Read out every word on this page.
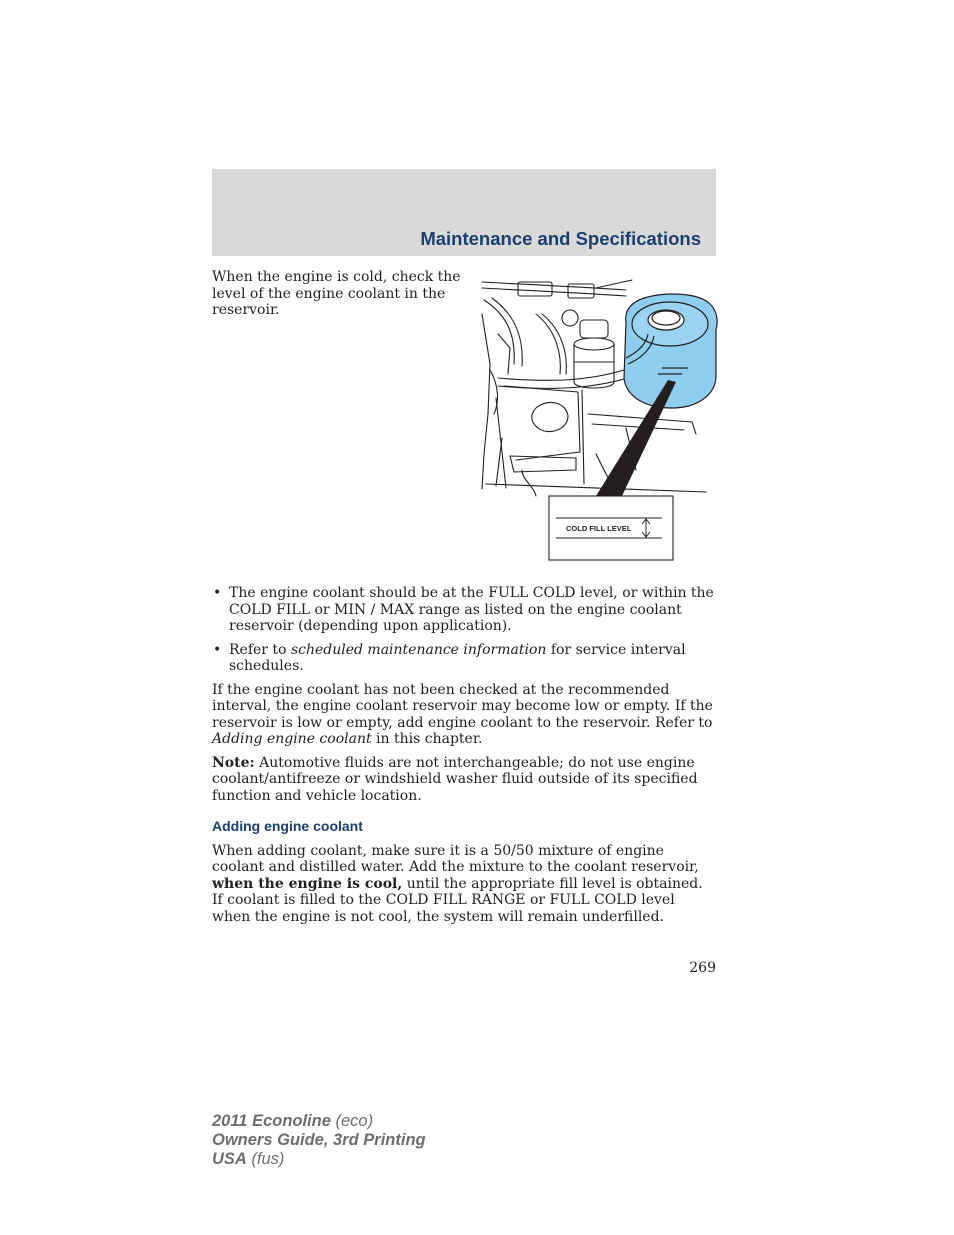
Maintenance and Specifications

When the engine is cold, check the level of the engine coolant in the reservoir.

COLD FILL LEVEL
• The engine coolant should be at the FULL COLD level, or within the COLD FILL or MIN / MAX range as listed on the engine coolant reservoir (depending upon application).
• Refer to scheduled maintenance information for service interval schedules.

If the engine coolant has not been checked at the recommended interval, the engine coolant reservoir may become low or empty. If the reservoir is low or empty, add engine coolant to the reservoir. Refer to Adding engine coolant in this chapter.

Note: Automotive fluids are not interchangeable; do not use engine coolant/antifreeze or windshield washer fluid outside of its specified function and vehicle location.

Adding engine coolant

When adding coolant, make sure it is a 50/50 mixture of engine coolant and distilled water. Add the mixture to the coolant reservoir, when the engine is cool, until the appropriate fill level is obtained. If coolant is filled to the COLD FILL RANGE or FULL COLD level when the engine is not cool, the system will remain underfilled.

269
2011 Econoline (eco)
Owners Guide, 3rd Printing
USA (fus)
